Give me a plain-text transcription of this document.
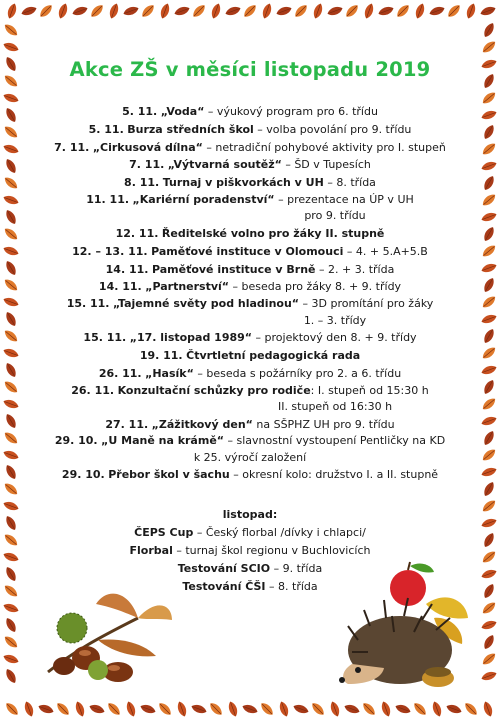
Akce ZŠ v měsíci listopadu 2019
5. 11. „Voda“ – výukový program pro 6. třídu
5. 11. Burza středních škol – volba povolání pro 9. třídu
7. 11. „Cirkusová dílna“ – netradiční pohybové aktivity pro I. stupeň
7. 11. „Výtvarná soutěž“ – ŠD v Tupesích
8. 11. Turnaj v piškvorkách v UH – 8. třída
11. 11. „Kariérní poradenství“ – prezentace na ÚP v UH
pro 9. třídu
12. 11. Ředitelské volno pro žáky II. stupně
12. – 13. 11. Paměťové instituce v Olomouci – 4. + 5.A+5.B
14. 11. Paměťové instituce v Brně – 2. + 3. třída
14. 11. „Partnerství“ – beseda pro žáky 8. + 9. třídy
15. 11. „Tajemné světy pod hladinou“ – 3D promítání pro žáky
1. – 3. třídy
15. 11. „17. listopad 1989“ – projektový den 8. + 9. třídy
19. 11. Čtvrtletní pedagogická rada
26. 11. „Hasík“ – beseda s požárníky pro 2. a 6. třídu
26. 11. Konzultační schůzky pro rodiče: I. stupeň od 15:30 h
II. stupeň od 16:30 h
27. 11. „Zážitkový den“ na SŠPHZ UH pro 9. třídu
29. 10. „U Maně na krámě“ – slavnostní vystoupení Pentličky na KD
k 25. výročí založení
29. 10. Přebor škol v šachu – okresní kolo: družstvo I. a II. stupně
listopad:
ČEPS Cup – Český florbal /dívky i chlapci/
Florbal – turnaj škol regionu v Buchlovicích
Testování SCIO – 9. třída
Testování ČŠI – 8. třída
